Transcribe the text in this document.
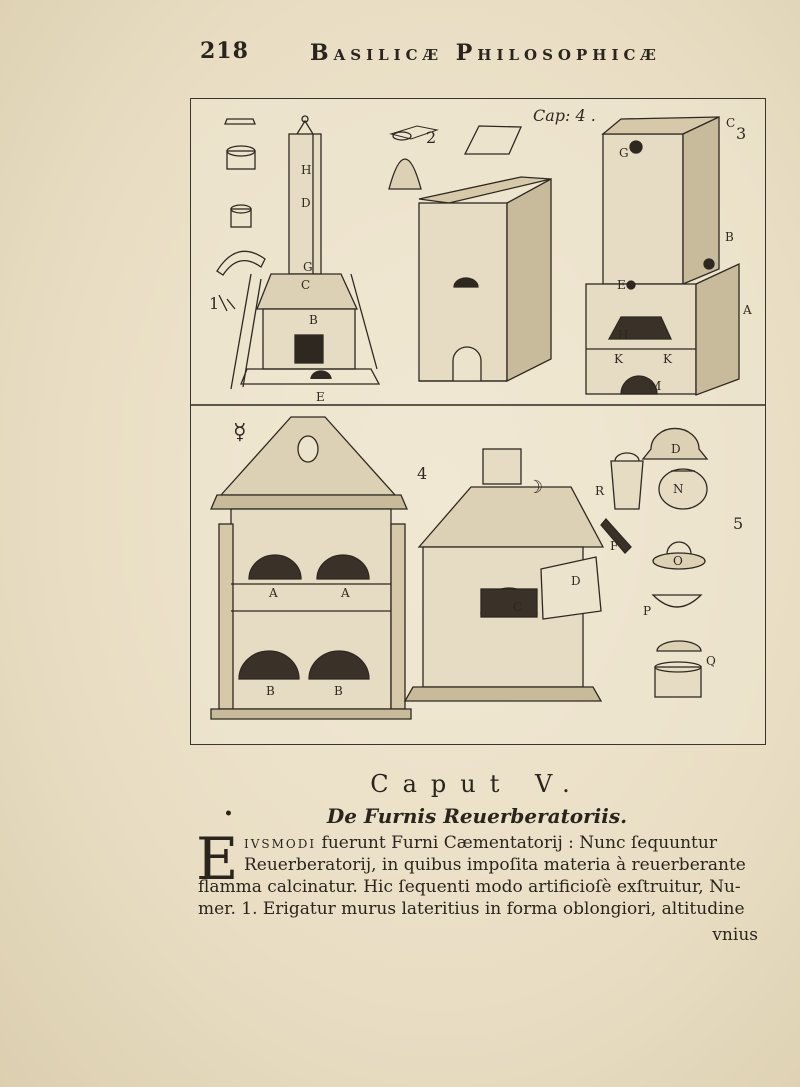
218	Basilicæ Philosophicæ
Cap: 4 .
2	3
4
5
1
☿
☽
H
D
G
C
B
E
C
G
B
A
E
H
K	K
M
A	A
B	B
C
D
R
F
D
N
O
P
Q
Caput V.
•	De Furnis Reuerberatoriis.
E ivsmodi fuerunt Furni Cæmentatorij : Nunc ſequuntur
Reuerberatorij, in quibus impoſita materia à reuerberante
flamma calcinatur. Hic ſequenti modo artificioſè exſtruitur, Nu-
mer. 1. Erigatur murus lateritius in forma oblongiori, altitudine
vnius
